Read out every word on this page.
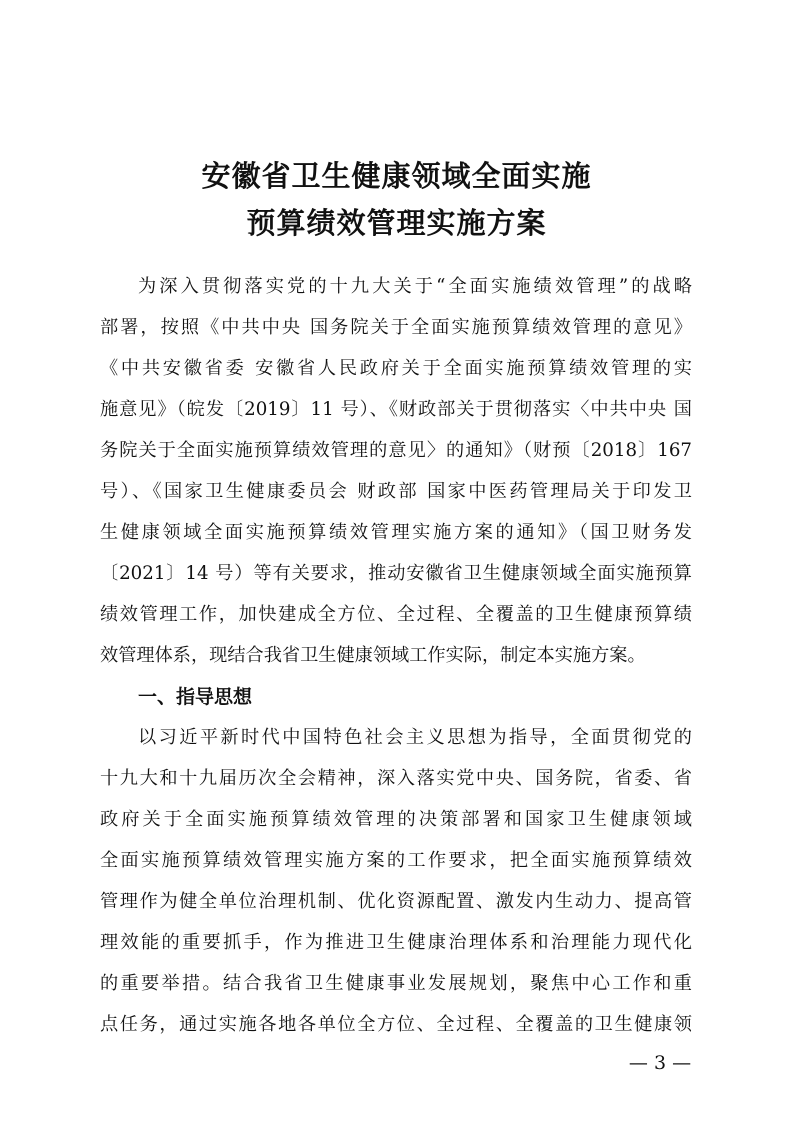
安徽省卫生健康领域全面实施
预算绩效管理实施方案
为深入贯彻落实党的十九大关于“全面实施绩效管理”的战略
部署，按照《中共中央 国务院关于全面实施预算绩效管理的意见》
《中共安徽省委 安徽省人民政府关于全面实施预算绩效管理的实
施意见》（皖发〔2019〕11 号）、《财政部关于贯彻落实〈中共中央 国
务院关于全面实施预算绩效管理的意见〉的通知》（财预〔2018〕167
号）、《国家卫生健康委员会 财政部 国家中医药管理局关于印发卫
生健康领域全面实施预算绩效管理实施方案的通知》（国卫财务发
〔2021〕14 号）等有关要求，推动安徽省卫生健康领域全面实施预算
绩效管理工作，加快建成全方位、全过程、全覆盖的卫生健康预算绩
效管理体系，现结合我省卫生健康领域工作实际，制定本实施方案。
一、指导思想
以习近平新时代中国特色社会主义思想为指导，全面贯彻党的
十九大和十九届历次全会精神，深入落实党中央、国务院，省委、省
政府关于全面实施预算绩效管理的决策部署和国家卫生健康领域
全面实施预算绩效管理实施方案的工作要求，把全面实施预算绩效
管理作为健全单位治理机制、优化资源配置、激发内生动力、提高管
理效能的重要抓手，作为推进卫生健康治理体系和治理能力现代化
的重要举措。结合我省卫生健康事业发展规划，聚焦中心工作和重
点任务，通过实施各地各单位全方位、全过程、全覆盖的卫生健康领
— 3 —
